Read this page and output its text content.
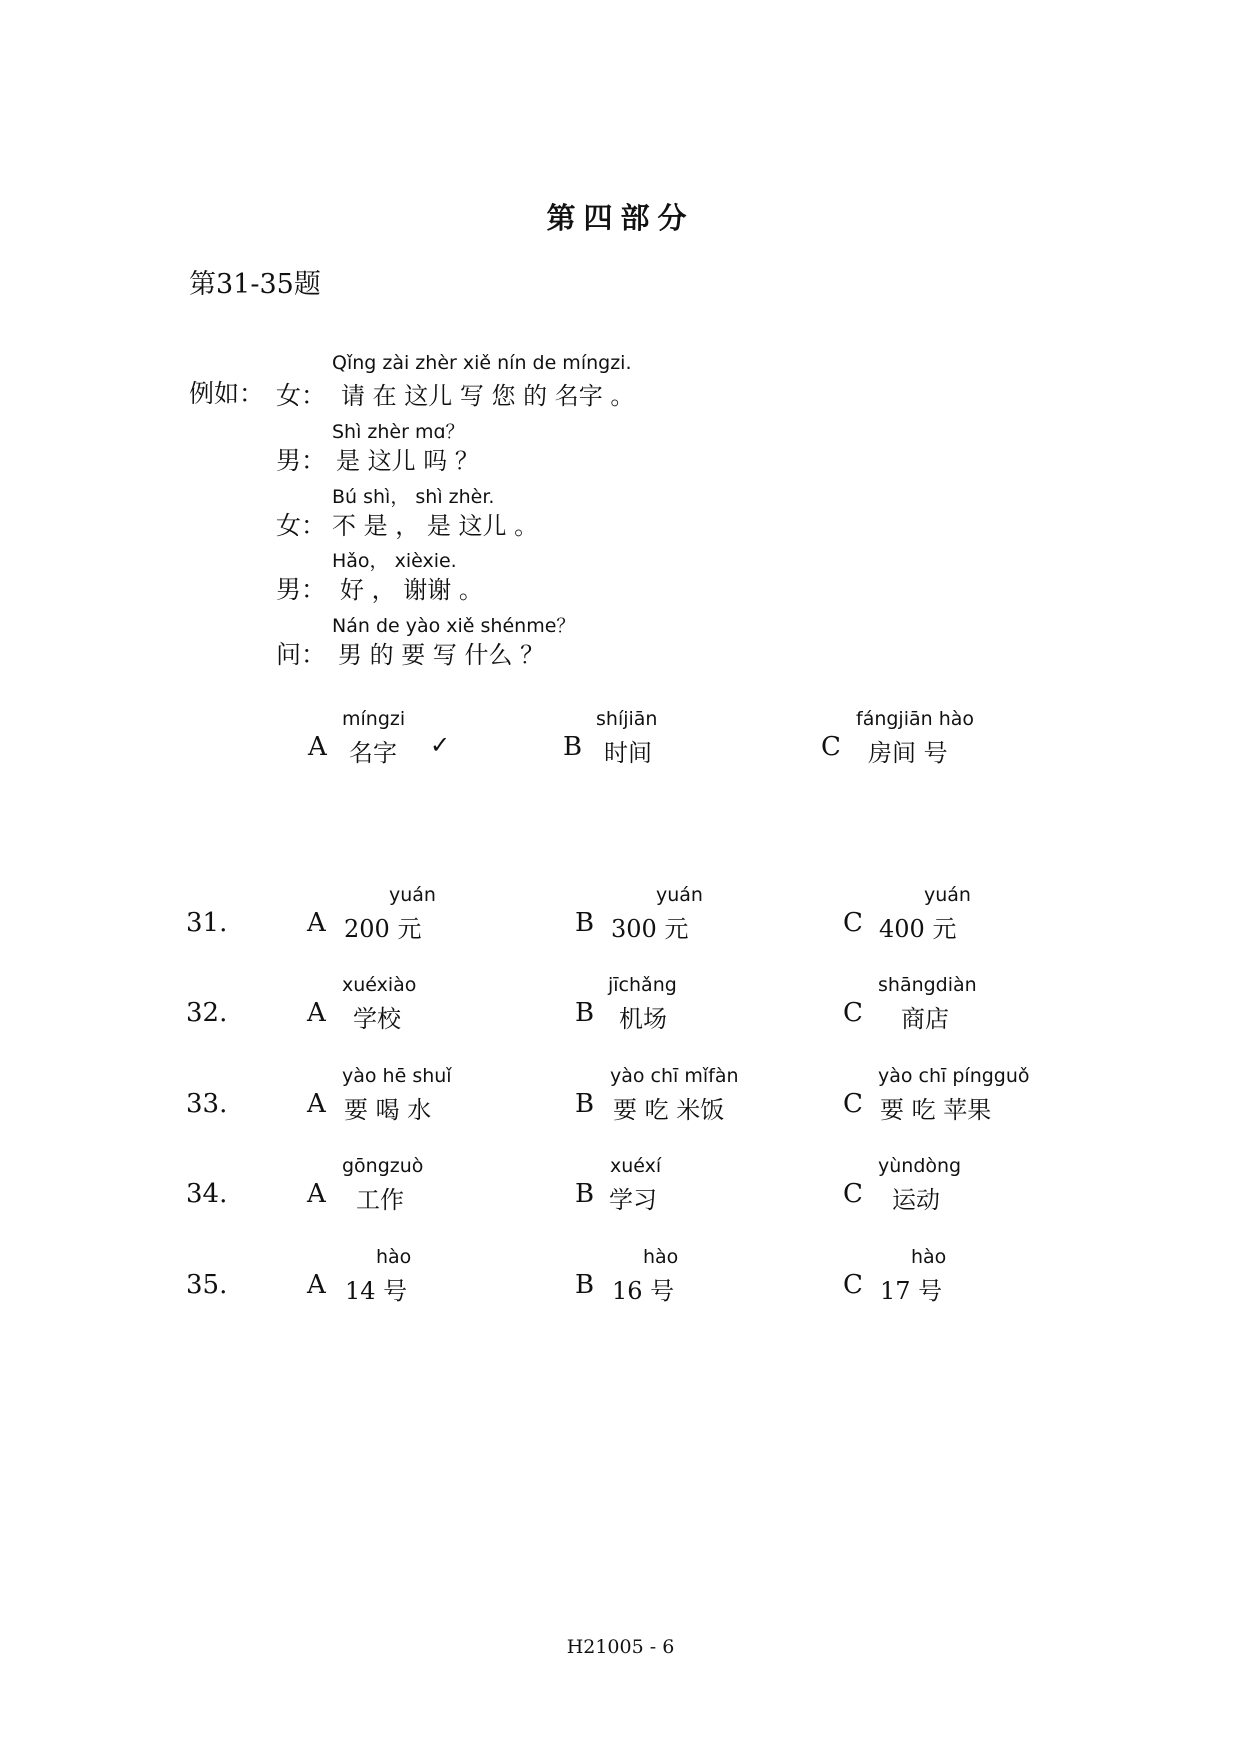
第四部分
第31-35题
例如：
Qǐng zài zhèr xiě nín de míngzi.
女： 请 在 这儿 写 您 的 名字 。
Shì zhèr mɑ？
男： 是 这儿 吗 ？
Bú shì， shì zhèr.
女： 不 是 ， 是 这儿 。
Hǎo， xièxie.
男： 好 ， 谢谢 。
Nán de yào xiě shénme？
问： 男 的 要 写 什么 ？
míngzi
A 名字 ✓
shíjiān
B 时间
fángjiān hào
C 房间 号
31.
yuán
A 200 元
yuán
B 300 元
yuán
C 400 元
32.
xuéxiào
A 学校
jīchǎng
B 机场
shāngdiàn
C 商店
33.
yào hē shuǐ
A 要 喝 水
yào chī mǐfàn
B 要 吃 米饭
yào chī píngguǒ
C 要 吃 苹果
34.
gōngzuò
A 工作
xuéxí
B 学习
yùndòng
C 运动
35.
hào
A 14 号
hào
B 16 号
hào
C 17 号
H21005 - 6
